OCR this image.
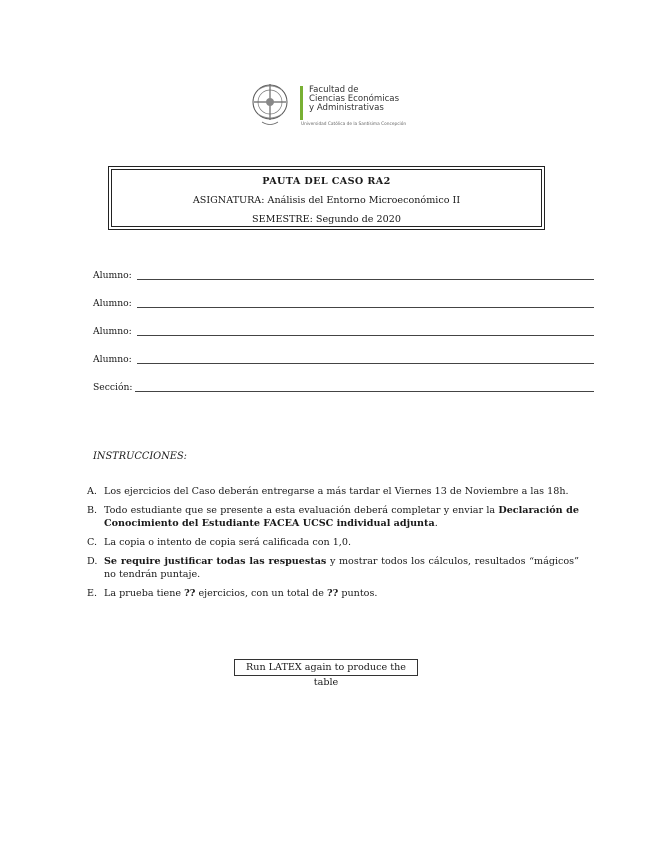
Facultad de
Ciencias Económicas
y Administrativas
Universidad Católica de la Santísima Concepción
PAUTA DEL CASO RA2
ASIGNATURA: Análisis del Entorno Microeconómico II
SEMESTRE: Segundo de 2020
Alumno:
Alumno:
Alumno:
Alumno:
Sección:
INSTRUCCIONES:
A. Los ejercicios del Caso deberán entregarse a más tardar el Viernes 13 de Noviembre a las 18h.
B. Todo estudiante que se presente a esta evaluación deberá completar y enviar la Declaración de Conocimiento del Estudiante FACEA UCSC individual adjunta.
C. La copia o intento de copia será calificada con 1,0.
D. Se require justificar todas las respuestas y mostrar todos los cálculos, resultados “mágicos” no tendrán puntaje.
E. La prueba tiene ?? ejercicios, con un total de ?? puntos.
Run LATEX again to produce the table
